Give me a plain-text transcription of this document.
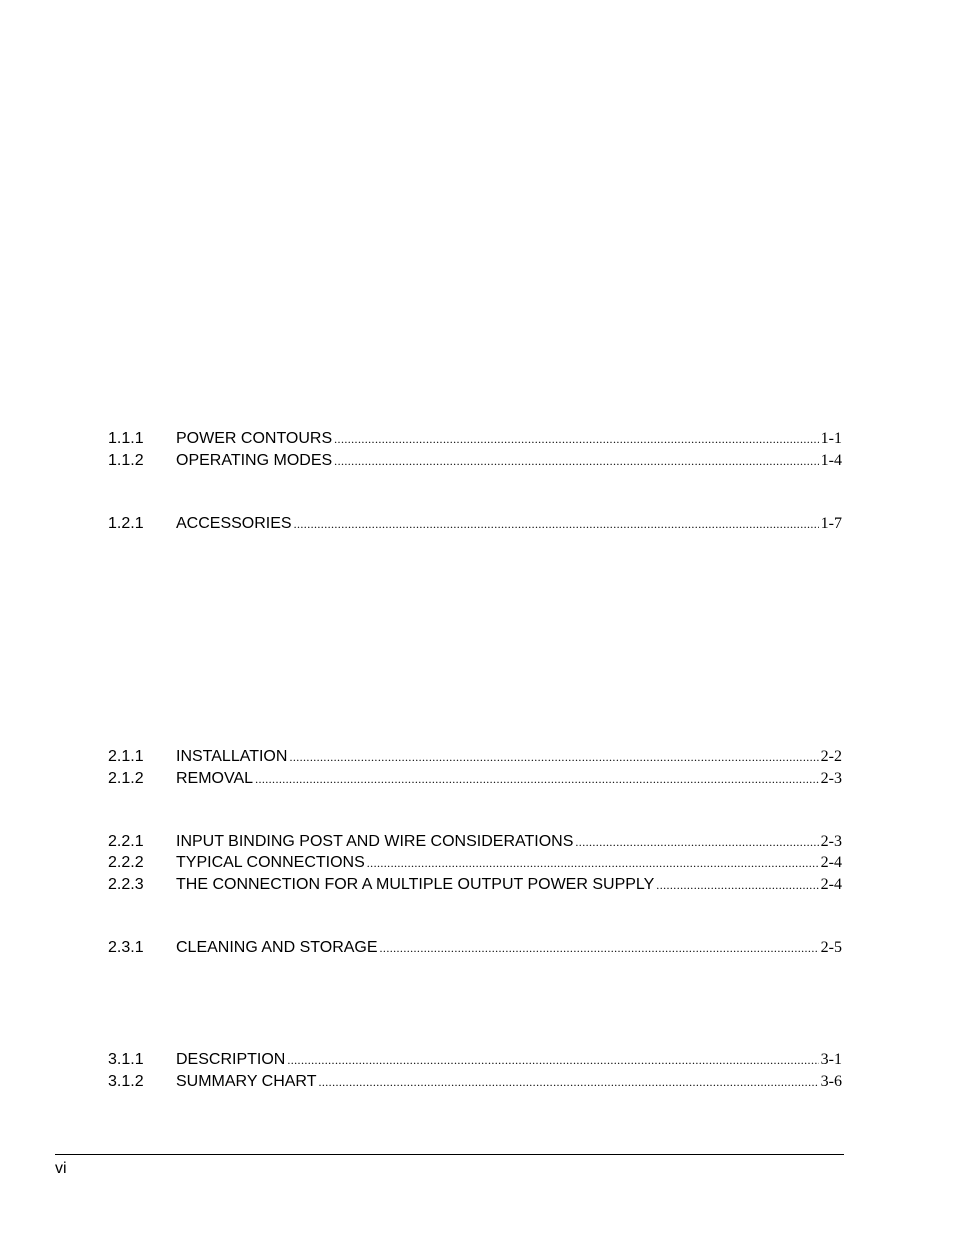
1.1.1	POWER CONTOURS .....	1-1
1.1.2	OPERATING MODES .....	1-4
1.2.1	ACCESSORIES .....	1-7
2.1.1	INSTALLATION .....	2-2
2.1.2	REMOVAL .....	2-3
2.2.1	INPUT BINDING POST AND WIRE CONSIDERATIONS .....	2-3
2.2.2	TYPICAL CONNECTIONS .....	2-4
2.2.3	THE CONNECTION FOR A MULTIPLE OUTPUT POWER SUPPLY .....	2-4
2.3.1	CLEANING AND STORAGE .....	2-5
3.1.1	DESCRIPTION .....	3-1
3.1.2	SUMMARY CHART .....	3-6
vi
